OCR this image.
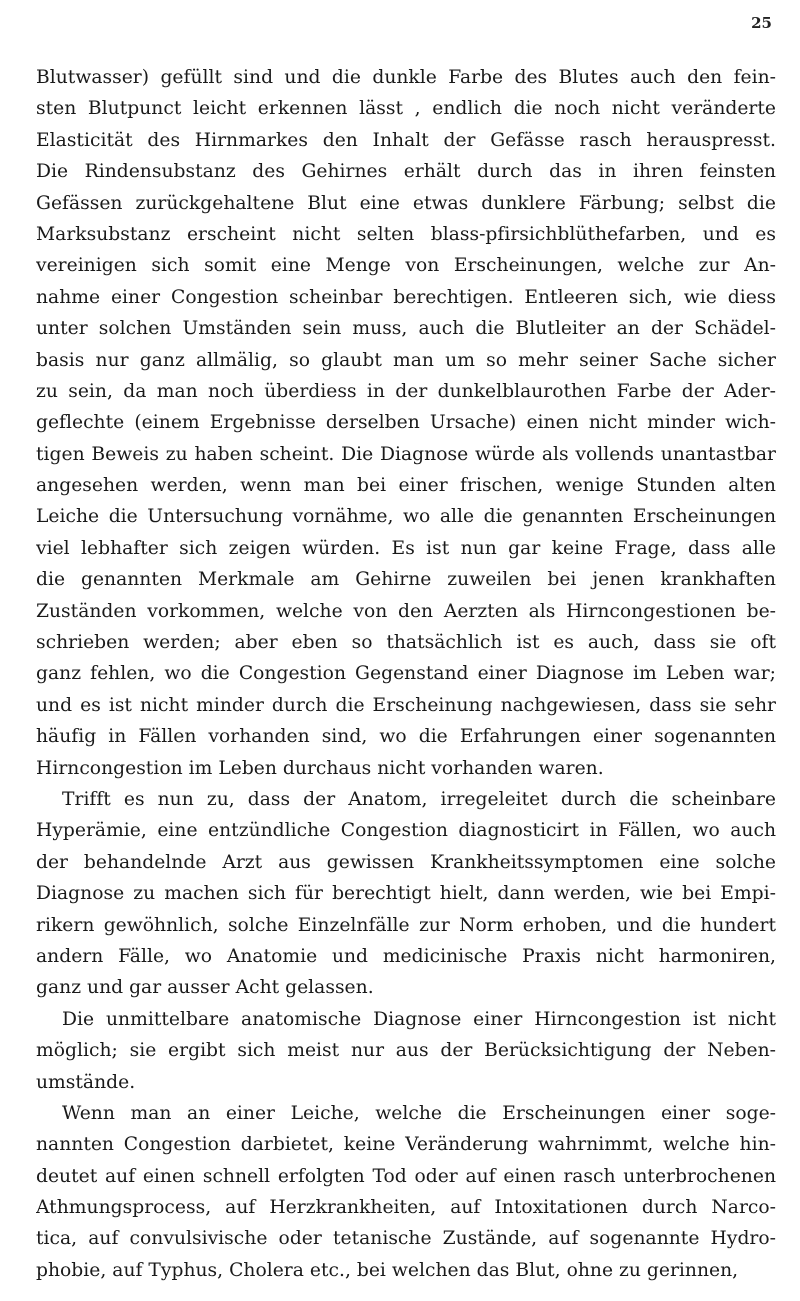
25
Blutwasser) gefüllt sind und die dunkle Farbe des Blutes auch den fein-
sten Blutpunct leicht erkennen lässt , endlich die noch nicht veränderte
Elasticität des Hirnmarkes den Inhalt der Gefässe rasch herauspresst.
Die Rindensubstanz des Gehirnes erhält durch das in ihren feinsten
Gefässen zurückgehaltene Blut eine etwas dunklere Färbung; selbst die
Marksubstanz erscheint nicht selten blass-pfirsichblüthefarben, und es
vereinigen sich somit eine Menge von Erscheinungen, welche zur An-
nahme einer Congestion scheinbar berechtigen. Entleeren sich, wie diess
unter solchen Umständen sein muss, auch die Blutleiter an der Schädel-
basis nur ganz allmälig, so glaubt man um so mehr seiner Sache sicher
zu sein, da man noch überdiess in der dunkelblaurothen Farbe der Ader-
geflechte (einem Ergebnisse derselben Ursache) einen nicht minder wich-
tigen Beweis zu haben scheint. Die Diagnose würde als vollends unantastbar
angesehen werden, wenn man bei einer frischen, wenige Stunden alten
Leiche die Untersuchung vornähme, wo alle die genannten Erscheinungen
viel lebhafter sich zeigen würden. Es ist nun gar keine Frage, dass alle
die genannten Merkmale am Gehirne zuweilen bei jenen krankhaften
Zuständen vorkommen, welche von den Aerzten als Hirncongestionen be-
schrieben werden; aber eben so thatsächlich ist es auch, dass sie oft
ganz fehlen, wo die Congestion Gegenstand einer Diagnose im Leben war;
und es ist nicht minder durch die Erscheinung nachgewiesen, dass sie sehr
häufig in Fällen vorhanden sind, wo die Erfahrungen einer sogenannten
Hirncongestion im Leben durchaus nicht vorhanden waren.
Trifft es nun zu, dass der Anatom, irregeleitet durch die scheinbare
Hyperämie, eine entzündliche Congestion diagnosticirt in Fällen, wo auch
der behandelnde Arzt aus gewissen Krankheitssymptomen eine solche
Diagnose zu machen sich für berechtigt hielt, dann werden, wie bei Empi-
rikern gewöhnlich, solche Einzelnfälle zur Norm erhoben, und die hundert
andern Fälle, wo Anatomie und medicinische Praxis nicht harmoniren,
ganz und gar ausser Acht gelassen.
Die unmittelbare anatomische Diagnose einer Hirncongestion ist nicht
möglich; sie ergibt sich meist nur aus der Berücksichtigung der Neben-
umstände.
Wenn man an einer Leiche, welche die Erscheinungen einer soge-
nannten Congestion darbietet, keine Veränderung wahrnimmt, welche hin-
deutet auf einen schnell erfolgten Tod oder auf einen rasch unterbrochenen
Athmungsprocess, auf Herzkrankheiten, auf Intoxitationen durch Narco-
tica, auf convulsivische oder tetanische Zustände, auf sogenannte Hydro-
phobie, auf Typhus, Cholera etc., bei welchen das Blut, ohne zu gerinnen,
